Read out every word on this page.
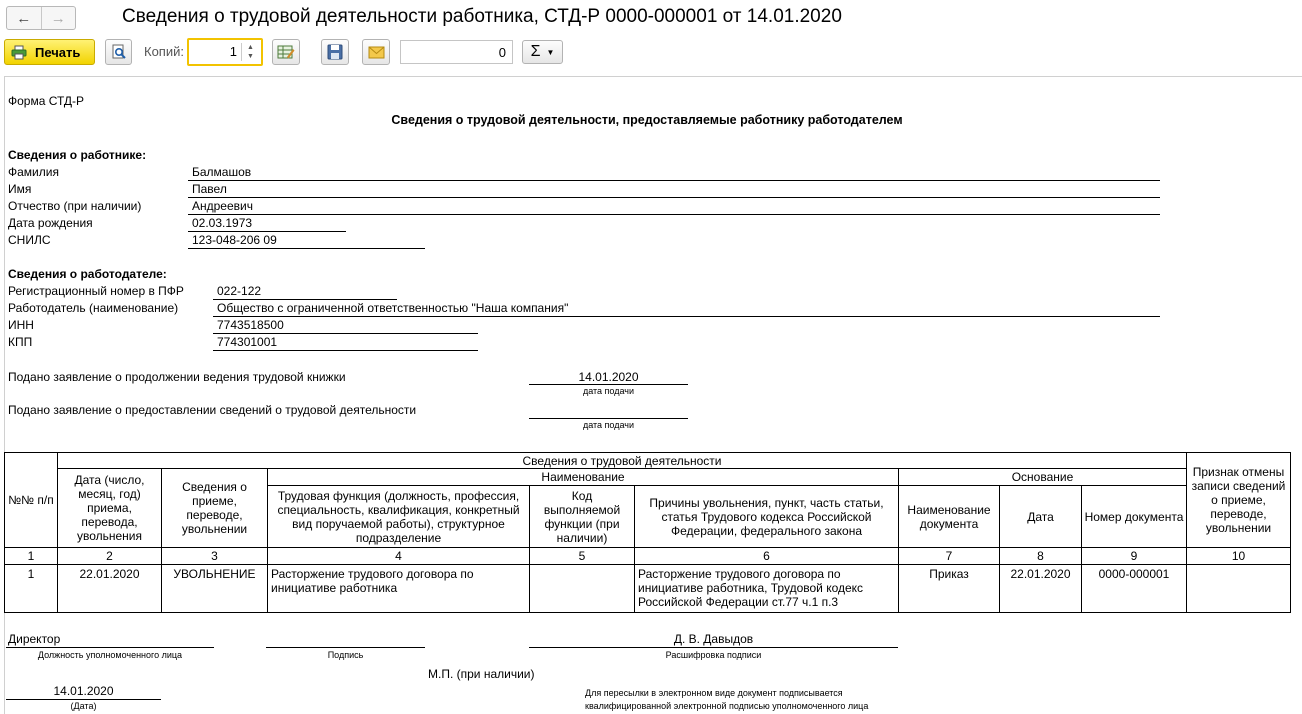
←	→	Сведения о трудовой деятельности работника, СТД-Р 0000-000001 от 14.01.2020
Печать	Копий:	1	▲
▼	0	Σ ▼
Форма СТД-Р
Сведения о трудовой деятельности, предоставляемые работнику работодателем
Сведения о работнике:
Фамилия	Балмашов
Имя	Павел
Отчество (при наличии)	Андреевич
Дата рождения	02.03.1973
СНИЛС	123-048-206 09
Сведения о работодателе:
Регистрационный номер в ПФР	022-122
Работодатель (наименование)	Общество с ограниченной ответственностью "Наша компания"
ИНН	7743518500
КПП	774301001
Подано заявление о продолжении ведения трудовой книжки	14.01.2020
дата подачи
Подано заявление о предоставлении сведений о трудовой деятельности
дата подачи
№№ п/п	Сведения о трудовой деятельности								Признак отмены записи сведений о приеме, переводе, увольнении
	Дата (число, месяц, год) приема, перевода, увольнения	Сведения о приеме, переводе, увольнении	Наименование			Основание			
			Трудовая функция (должность, профессия, специальность, квалификация, конкретный вид поручаемой работы), структурное подразделение	Код выполняемой функции (при наличии)	Причины увольнения, пункт, часть статьи, статья Трудового кодекса Российской Федерации, федерального закона	Наименование документа	Дата	Номер документа	
1	2	3	4	5	6	7	8	9	10
1	22.01.2020	УВОЛЬНЕНИЕ	Расторжение трудового договора по инициативе работника		Расторжение трудового договора по инициативе работника, Трудовой кодекс Российской Федерации ст.77 ч.1 п.3	Приказ	22.01.2020	0000-000001	
Директор
Должность уполномоченного лица	Подпись
Д. В. Давыдов
Расшифровка подписи
М.П. (при наличии)
14.01.2020
(Дата)
Для пересылки в электронном виде документ подписывается
квалифицированной электронной подписью уполномоченного лица
